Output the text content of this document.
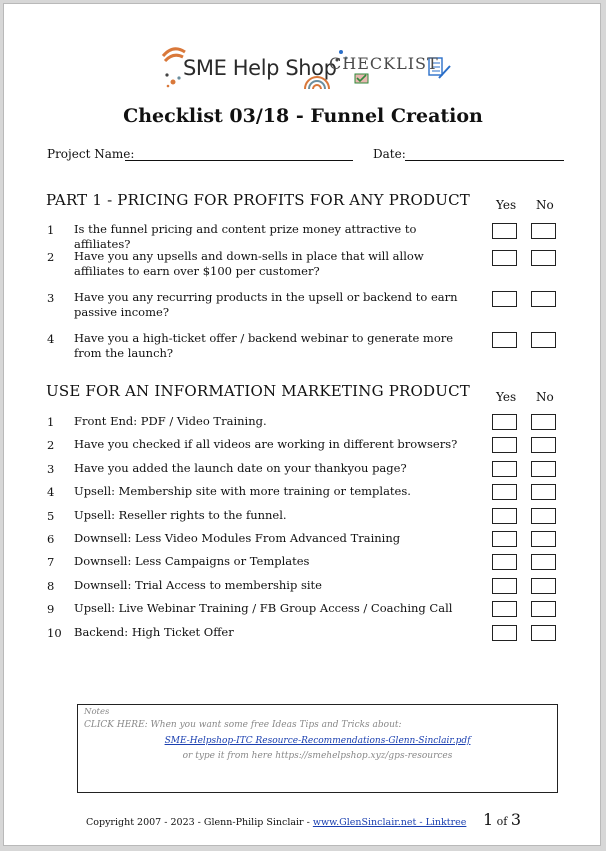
SME Help Shop
CHECKLIST
Checklist 03/18 - Funnel Creation
Project Name:	Date:
PART 1 - PRICING FOR PROFITS FOR ANY PRODUCT Yes No
1 Is the funnel pricing and content prize money attractive to affiliates?
2 Have you any upsells and down-sells in place that will allow affiliates to earn over $100 per customer?
3 Have you any recurring products in the upsell or backend to earn passive income?
4 Have you a high-ticket offer / backend webinar to generate more from the launch?
USE FOR AN INFORMATION MARKETING PRODUCT Yes No
1 Front End: PDF / Video Training.
2 Have you checked if all videos are working in different browsers?
3 Have you added the launch date on your thankyou page?
4 Upsell: Membership site with more training or templates.
5 Upsell: Reseller rights to the funnel.
6 Downsell: Less Video Modules From Advanced Training
7 Downsell: Less Campaigns or Templates
8 Downsell: Trial Access to membership site
9 Upsell: Live Webinar Training / FB Group Access / Coaching Call
10 Backend: High Ticket Offer
Notes
CLICK HERE: When you want some free Ideas Tips and Tricks about:
SME-Helpshop-ITC Resource-Recommendations-Glenn-Sinclair.pdf
or type it from here https://smehelpshop.xyz/gps-resources
Copyright 2007 - 2023 - Glenn-Philip Sinclair - www.GlenSinclair.net - Linktree 1 of 3
